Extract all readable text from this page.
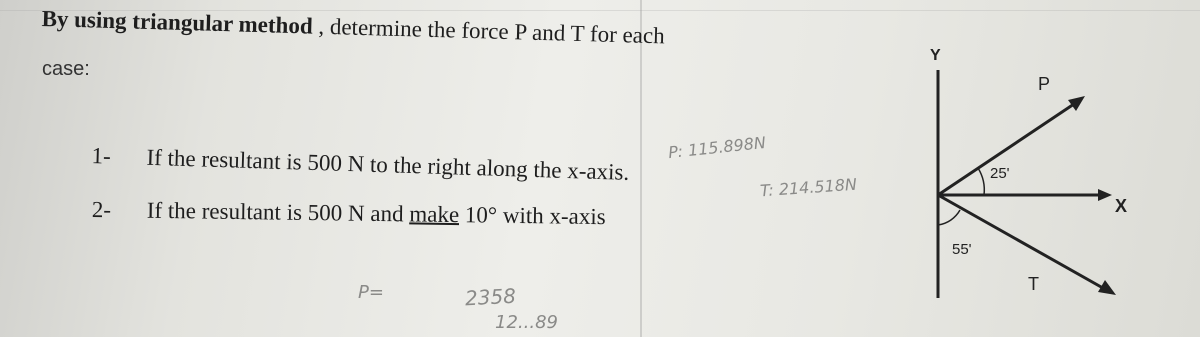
By using triangular method , determine the force P and T for each
case:
1- If the resultant is 500 N to the right along the x-axis.
2- If the resultant is 500 N and make 10° with x-axis
P: 115.898N
T: 214.518N
P=	2358
12...89
Y
X
P
T
25'
55'
